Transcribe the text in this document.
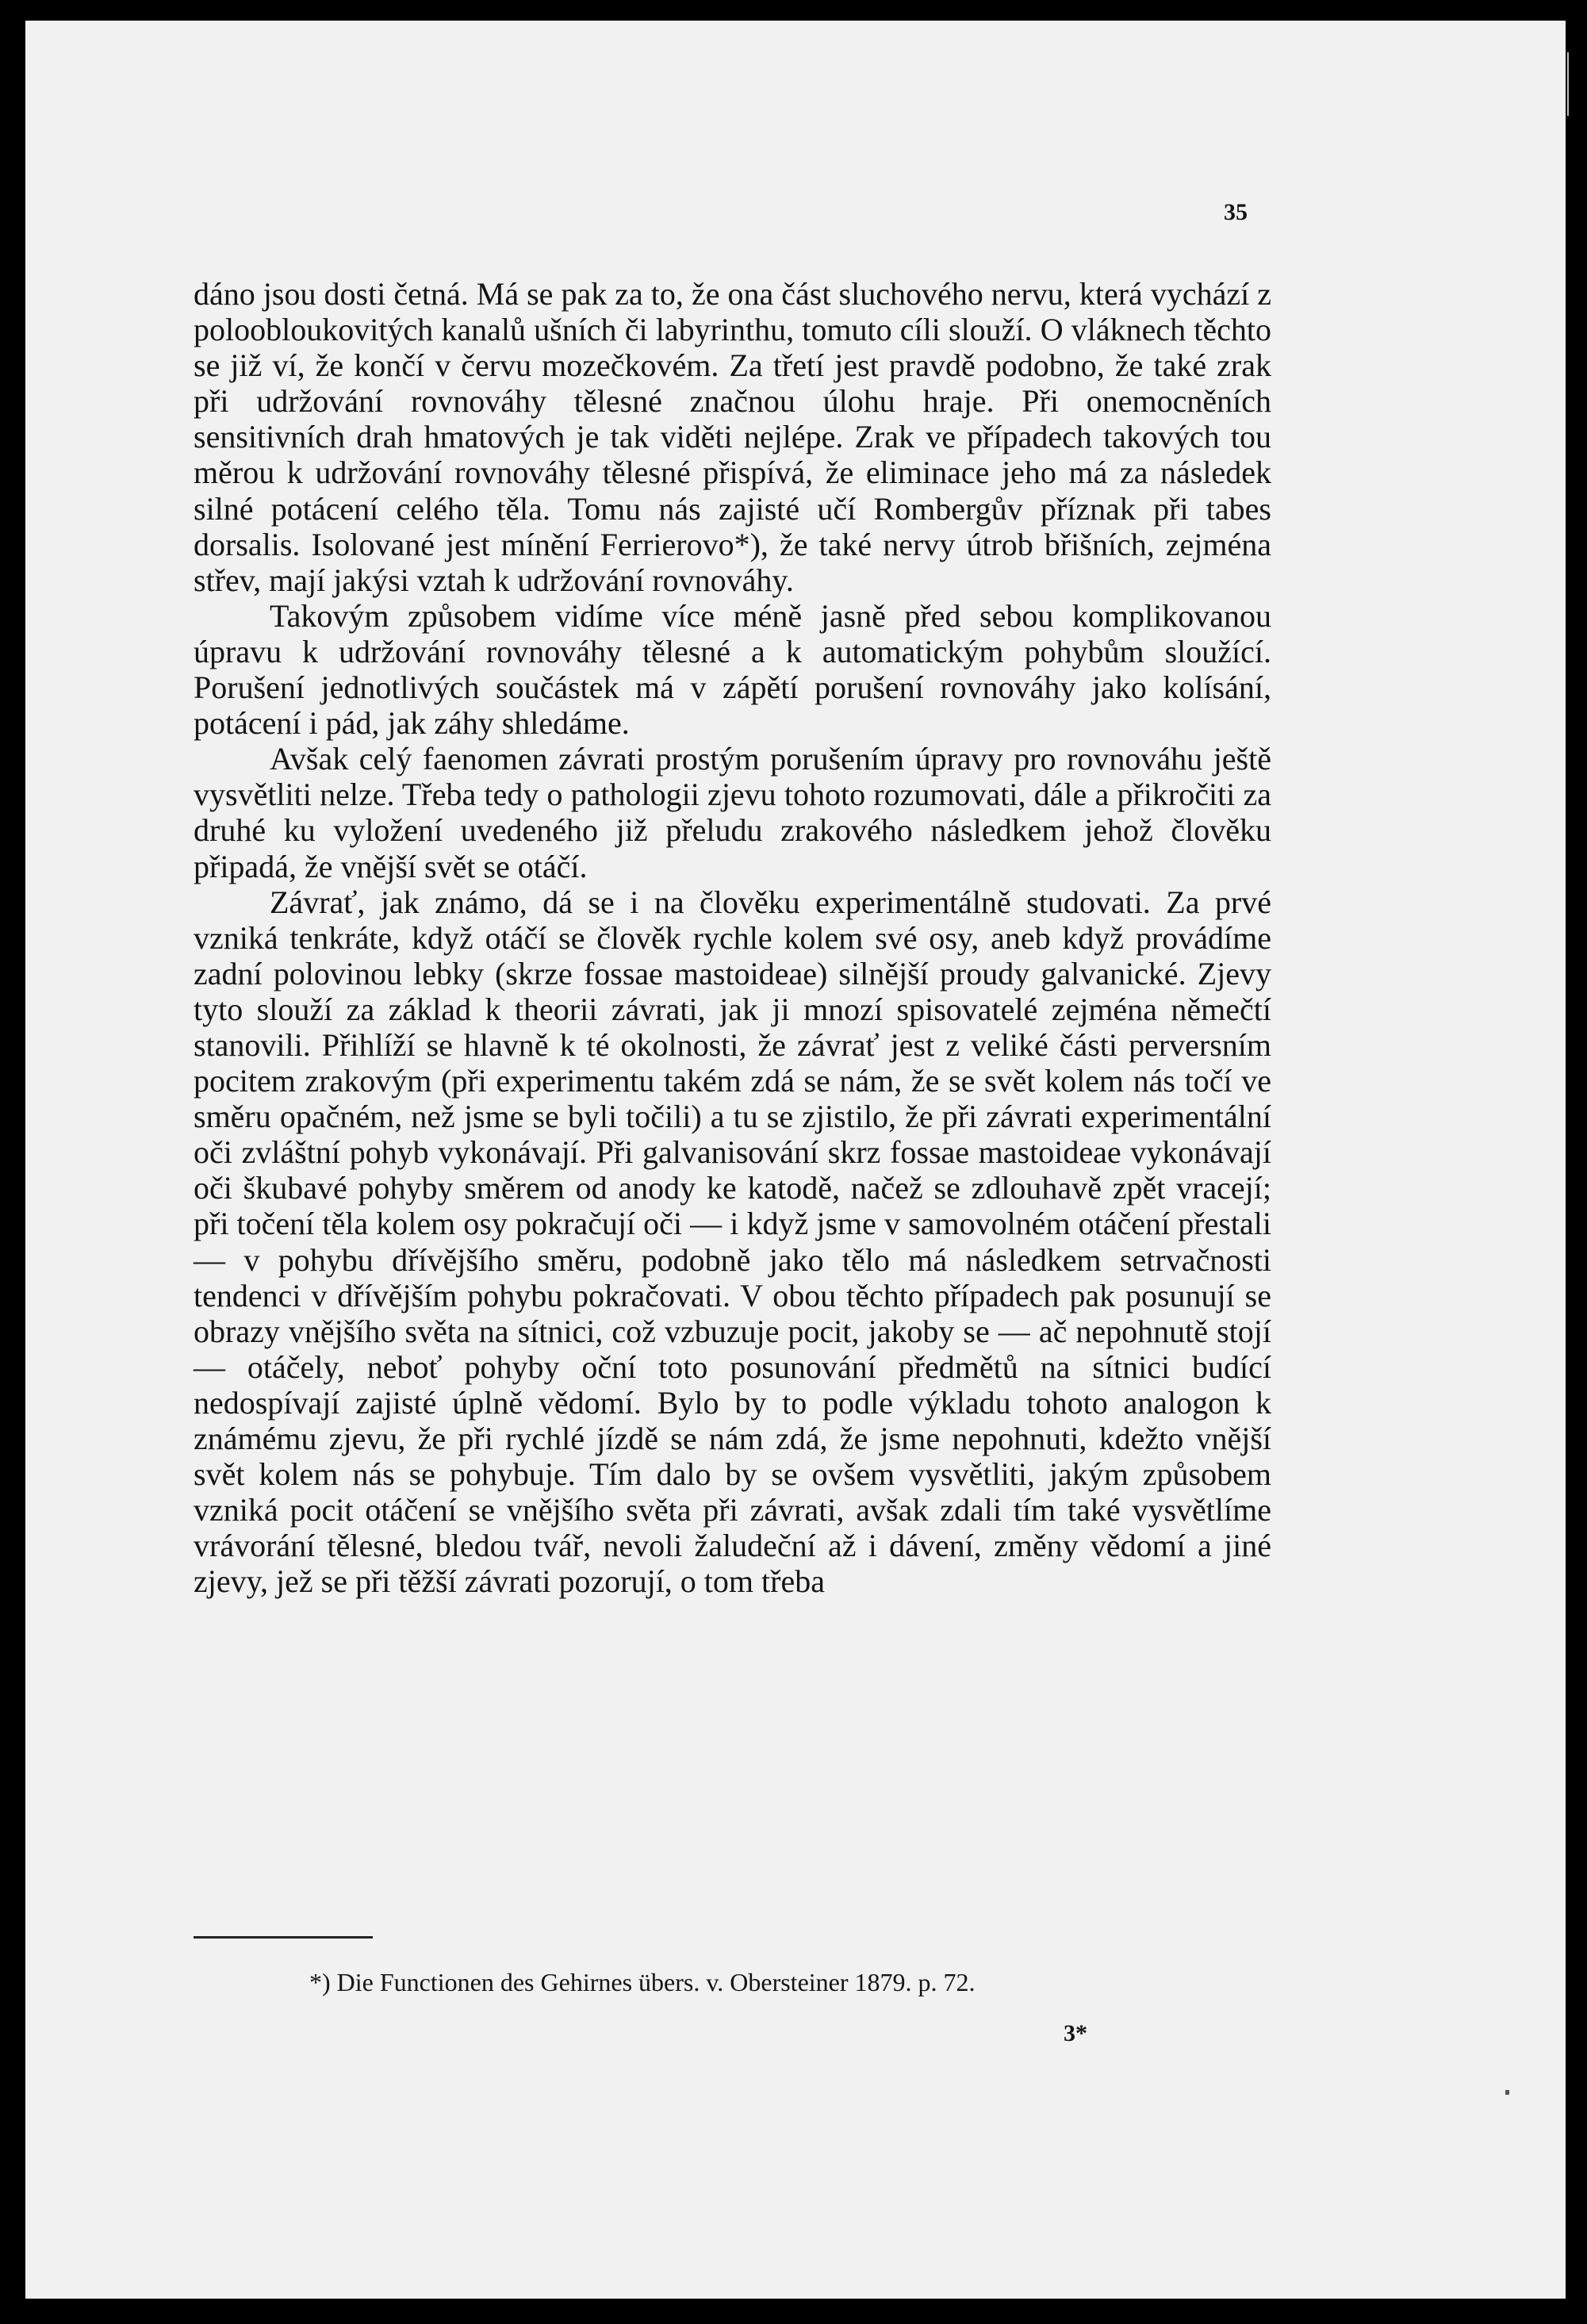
35

dáno jsou dosti četná. Má se pak za to, že ona část sluchového nervu, která vychází z poloobloukovitých kanalů ušních či labyrinthu, tomuto cíli slouží. O vláknech těchto se již ví, že končí v červu mozečkovém. Za třetí jest pravdě podobno, že také zrak při udržování rovnováhy tělesné značnou úlohu hraje. Při onemocněních sensitivních drah hmatových je tak viděti nejlépe. Zrak ve případech takových tou měrou k udržování rovnováhy tělesné přispívá, že eliminace jeho má za následek silné potácení celého těla. Tomu nás zajisté učí Rombergův příznak při tabes dorsalis. Isolované jest mínění Ferrierovo*), že také nervy útrob břišních, zejména střev, mají jakýsi vztah k udržování rovnováhy.

Takovým způsobem vidíme více méně jasně před sebou komplikovanou úpravu k udržování rovnováhy tělesné a k automatickým pohybům sloužící. Porušení jednotlivých součástek má v zápětí porušení rovnováhy jako kolísání, potácení i pád, jak záhy shledáme.

Avšak celý faenomen závrati prostým porušením úpravy pro rovnováhu ještě vysvětliti nelze. Třeba tedy o pathologii zjevu tohoto rozumovati, dále a přikročiti za druhé ku vyložení uvedeného již přeludu zrakového následkem jehož člověku připadá, že vnější svět se otáčí.

Závrať, jak známo, dá se i na člověku experimentálně studovati. Za prvé vzniká tenkráte, když otáčí se člověk rychle kolem své osy, aneb když provádíme zadní polovinou lebky (skrze fossae mastoideae) silnější proudy galvanické. Zjevy tyto slouží za základ k theorii závrati, jak ji mnozí spisovatelé zejména němečtí stanovili. Přihlíží se hlavně k té okolnosti, že závrať jest z veliké části perversním pocitem zrakovým (při experimentu takém zdá se nám, že se svět kolem nás točí ve směru opačném, než jsme se byli točili) a tu se zjistilo, že při závrati experimentální oči zvláštní pohyb vykonávají. Při galvanisování skrz fossae mastoideae vykonávají oči škubavé pohyby směrem od anody ke katodě, načež se zdlouhavě zpět vracejí; při točení těla kolem osy pokračují oči — i když jsme v samovolném otáčení přestali — v pohybu dřívějšího směru, podobně jako tělo má následkem setrvačnosti tendenci v dřívějším pohybu pokračovati. V obou těchto případech pak posunují se obrazy vnějšího světa na sítnici, což vzbuzuje pocit, jakoby se — ač nepohnutě stojí — otáčely, neboť pohyby oční toto posunování předmětů na sítnici budící nedospívají zajisté úplně vědomí. Bylo by to podle výkladu tohoto analogon k známému zjevu, že při rychlé jízdě se nám zdá, že jsme nepohnuti, kdežto vnější svět kolem nás se pohybuje. Tím dalo by se ovšem vysvětliti, jakým způsobem vzniká pocit otáčení se vnějšího světa při závrati, avšak zdali tím také vysvětlíme vrávorání tělesné, bledou tvář, nevoli žaludeční až i dávení, změny vědomí a jiné zjevy, jež se při těžší závrati pozorují, o tom třeba

*) Die Functionen des Gehirnes übers. v. Obersteiner 1879. p. 72.
3*
